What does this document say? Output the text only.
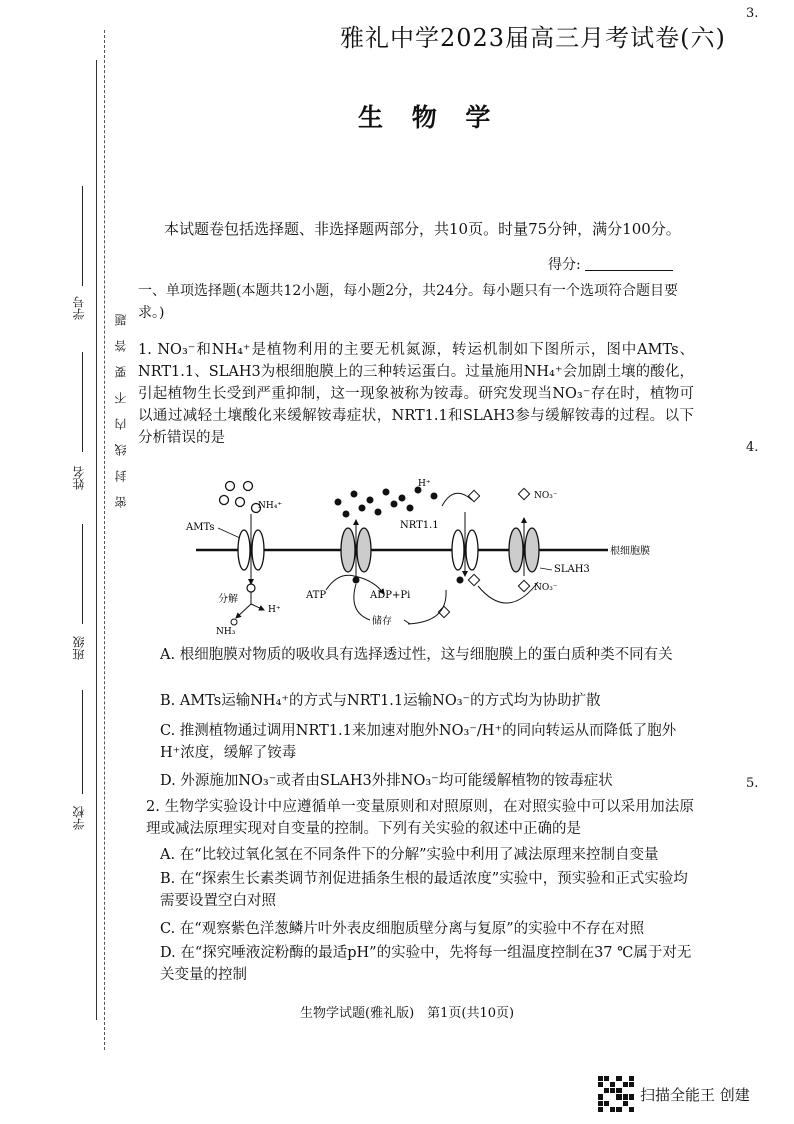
密封线内不要答题
学号
姓名
班级
学校
雅礼中学2023届高三月考试卷(六)
3.
4.
5.
生 物 学
本试题卷包括选择题、非选择题两部分，共10页。时量75分钟，满分100分。
得分:
一、单项选择题(本题共12小题，每小题2分，共24分。每小题只有一个选项符合题目要求。)
1. NO₃⁻和NH₄⁺是植物利用的主要无机氮源，转运机制如下图所示，图中AMTs、NRT1.1、SLAH3为根细胞膜上的三种转运蛋白。过量施用NH₄⁺会加剧土壤的酸化，引起植物生长受到严重抑制，这一现象被称为铵毒。研究发现当NO₃⁻存在时，植物可以通过减轻土壤酸化来缓解铵毒症状，NRT1.1和SLAH3参与缓解铵毒的过程。以下分析错误的是
根细胞膜
NH₄⁺
AMTs
分解
H⁺
NH₃
ATP	ADP+Pi
储存
H⁺
NRT1.1
NO₃⁻
NO₃⁻
SLAH3
A. 根细胞膜对物质的吸收具有选择透过性，这与细胞膜上的蛋白质种类不同有关
B. AMTs运输NH₄⁺的方式与NRT1.1运输NO₃⁻的方式均为协助扩散
C. 推测植物通过调用NRT1.1来加速对胞外NO₃⁻/H⁺的同向转运从而降低了胞外H⁺浓度，缓解了铵毒
D. 外源施加NO₃⁻或者由SLAH3外排NO₃⁻均可能缓解植物的铵毒症状
2. 生物学实验设计中应遵循单一变量原则和对照原则，在对照实验中可以采用加法原理或减法原理实现对自变量的控制。下列有关实验的叙述中正确的是
A. 在“比较过氧化氢在不同条件下的分解”实验中利用了减法原理来控制自变量
B. 在“探索生长素类调节剂促进插条生根的最适浓度”实验中，预实验和正式实验均需要设置空白对照
C. 在“观察紫色洋葱鳞片叶外表皮细胞质壁分离与复原”的实验中不存在对照
D. 在“探究唾液淀粉酶的最适pH”的实验中，先将每一组温度控制在37 ℃属于对无关变量的控制
生物学试题(雅礼版)　第1页(共10页)
扫描全能王 创建
